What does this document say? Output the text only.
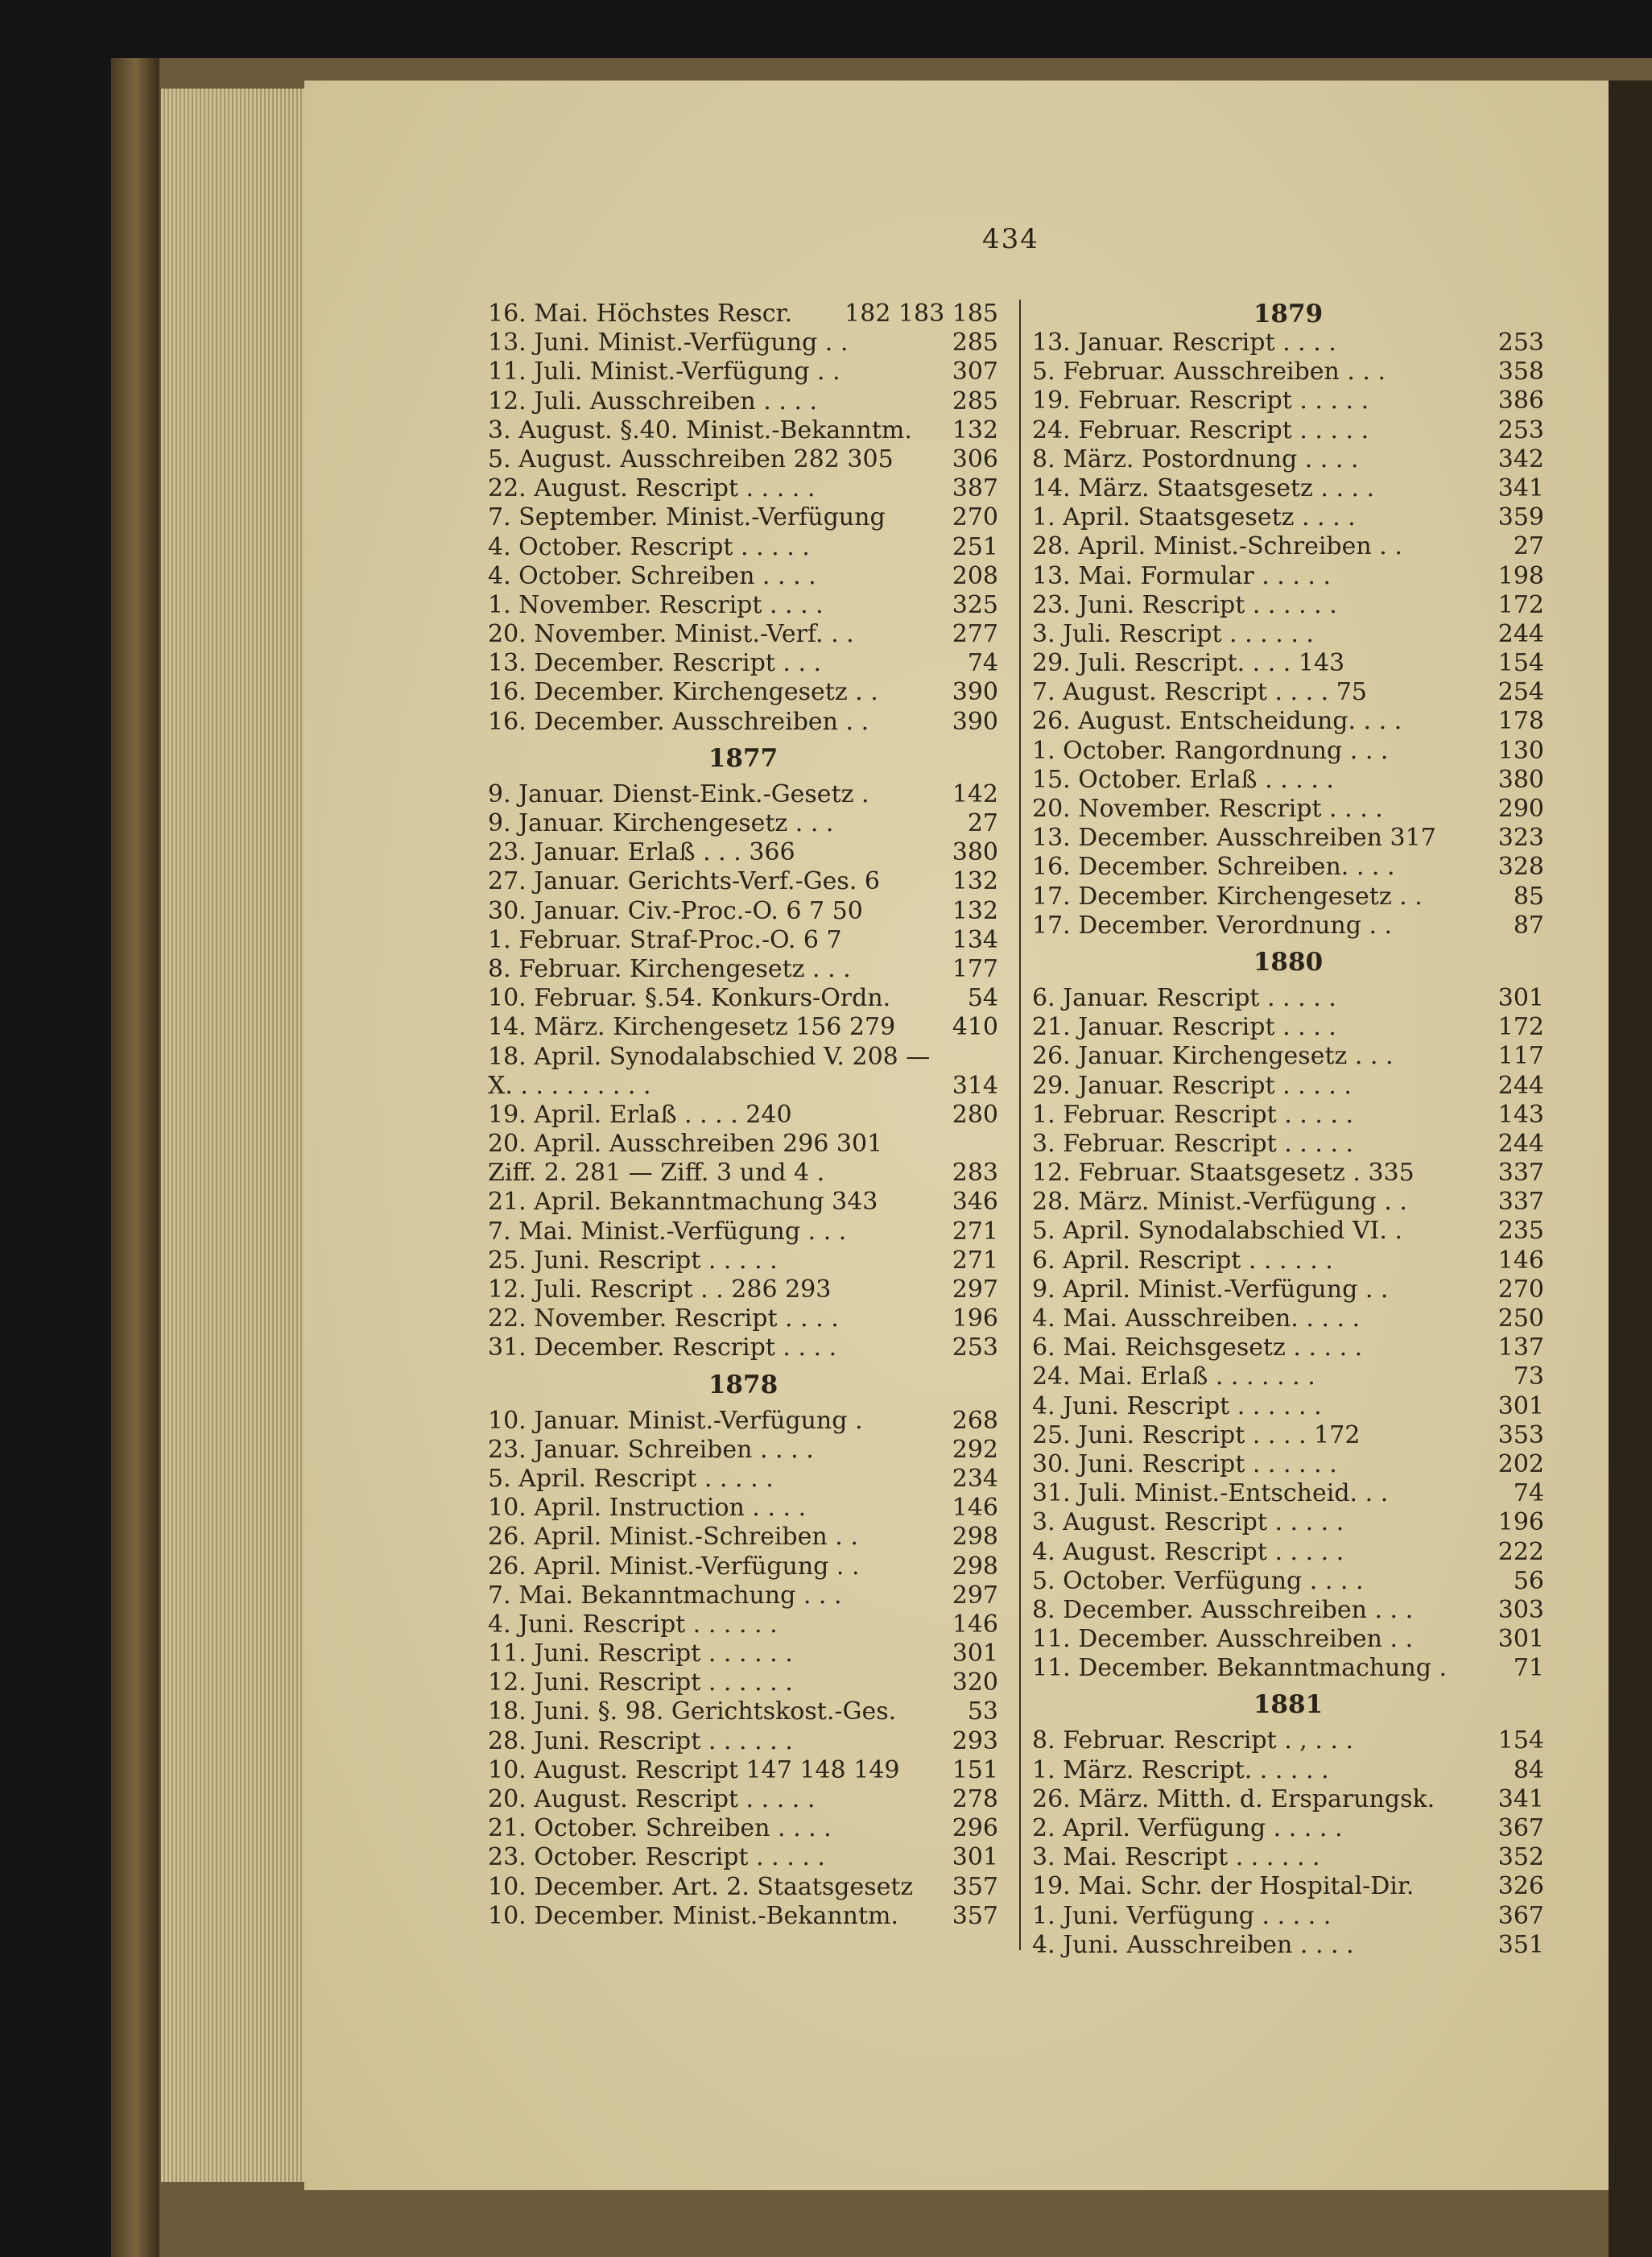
434
16. Mai. Höchstes Rescr.	182 183 185
13. Juni. Minist.-Verfügung . .	285
11. Juli. Minist.-Verfügung . .	307
12. Juli. Ausschreiben . . . .	285
3. August. §.40. Minist.-Bekanntm.	132
5. August. Ausschreiben 282 305	306
22. August. Rescript . . . . .	387
7. September. Minist.-Verfügung	270
4. October. Rescript . . . . .	251
4. October. Schreiben . . . .	208
1. November. Rescript . . . .	325
20. November. Minist.-Verf. . .	277
13. December. Rescript . . .	74
16. December. Kirchengesetz . .	390
16. December. Ausschreiben . .	390
1877
9. Januar. Dienst-Eink.-Gesetz .	142
9. Januar. Kirchengesetz . . .	27
23. Januar. Erlaß . . . 366	380
27. Januar. Gerichts-Verf.-Ges. 6	132
30. Januar. Civ.-Proc.-O. 6 7 50	132
1. Februar. Straf-Proc.-O. 6 7	134
8. Februar. Kirchengesetz . . .	177
10. Februar. §.54. Konkurs-Ordn.	54
14. März. Kirchengesetz 156 279	410
18. April. Synodalabschied V. 208 — X. . . . . . . . . .	314
19. April. Erlaß . . . . 240	280
20. April. Ausschreiben 296 301
Ziff. 2. 281 — Ziff. 3 und 4 .	283
21. April. Bekanntmachung 343	346
7. Mai. Minist.-Verfügung . . .	271
25. Juni. Rescript . . . . .	271
12. Juli. Rescript . . 286 293	297
22. November. Rescript . . . .	196
31. December. Rescript . . . .	253
1878
10. Januar. Minist.-Verfügung .	268
23. Januar. Schreiben . . . .	292
5. April. Rescript . . . . .	234
10. April. Instruction . . . .	146
26. April. Minist.-Schreiben . .	298
26. April. Minist.-Verfügung . .	298
7. Mai. Bekanntmachung . . .	297
4. Juni. Rescript . . . . . .	146
11. Juni. Rescript . . . . . .	301
12. Juni. Rescript . . . . . .	320
18. Juni. §. 98. Gerichtskost.-Ges.	53
28. Juni. Rescript . . . . . .	293
10. August. Rescript 147 148 149	151
20. August. Rescript . . . . .	278
21. October. Schreiben . . . .	296
23. October. Rescript . . . . .	301
10. December. Art. 2. Staatsgesetz	357
10. December. Minist.-Bekanntm.	357
1879
13. Januar. Rescript . . . .	253
5. Februar. Ausschreiben . . .	358
19. Februar. Rescript . . . . .	386
24. Februar. Rescript . . . . .	253
8. März. Postordnung . . . .	342
14. März. Staatsgesetz . . . .	341
1. April. Staatsgesetz . . . .	359
28. April. Minist.-Schreiben . .	27
13. Mai. Formular . . . . .	198
23. Juni. Rescript . . . . . .	172
3. Juli. Rescript . . . . . .	244
29. Juli. Rescript. . . . 143	154
7. August. Rescript . . . . 75	254
26. August. Entscheidung. . . .	178
1. October. Rangordnung . . .	130
15. October. Erlaß . . . . .	380
20. November. Rescript . . . .	290
13. December. Ausschreiben 317	323
16. December. Schreiben. . . .	328
17. December. Kirchengesetz . .	85
17. December. Verordnung . .	87
1880
6. Januar. Rescript . . . . .	301
21. Januar. Rescript . . . .	172
26. Januar. Kirchengesetz . . .	117
29. Januar. Rescript . . . . .	244
1. Februar. Rescript . . . . .	143
3. Februar. Rescript . . . . .	244
12. Februar. Staatsgesetz . 335	337
28. März. Minist.-Verfügung . .	337
5. April. Synodalabschied VI. .	235
6. April. Rescript . . . . . .	146
9. April. Minist.-Verfügung . .	270
4. Mai. Ausschreiben. . . . .	250
6. Mai. Reichsgesetz . . . . .	137
24. Mai. Erlaß . . . . . . .	73
4. Juni. Rescript . . . . . .	301
25. Juni. Rescript . . . . 172	353
30. Juni. Rescript . . . . . .	202
31. Juli. Minist.-Entscheid. . .	74
3. August. Rescript . . . . .	196
4. August. Rescript . . . . .	222
5. October. Verfügung . . . .	56
8. December. Ausschreiben . . .	303
11. December. Ausschreiben . .	301
11. December. Bekanntmachung .	71
1881
8. Februar. Rescript . , . . .	154
1. März. Rescript. . . . . .	84
26. März. Mitth. d. Ersparungsk.	341
2. April. Verfügung . . . . .	367
3. Mai. Rescript . . . . . .	352
19. Mai. Schr. der Hospital-Dir.	326
1. Juni. Verfügung . . . . .	367
4. Juni. Ausschreiben . . . .	351
